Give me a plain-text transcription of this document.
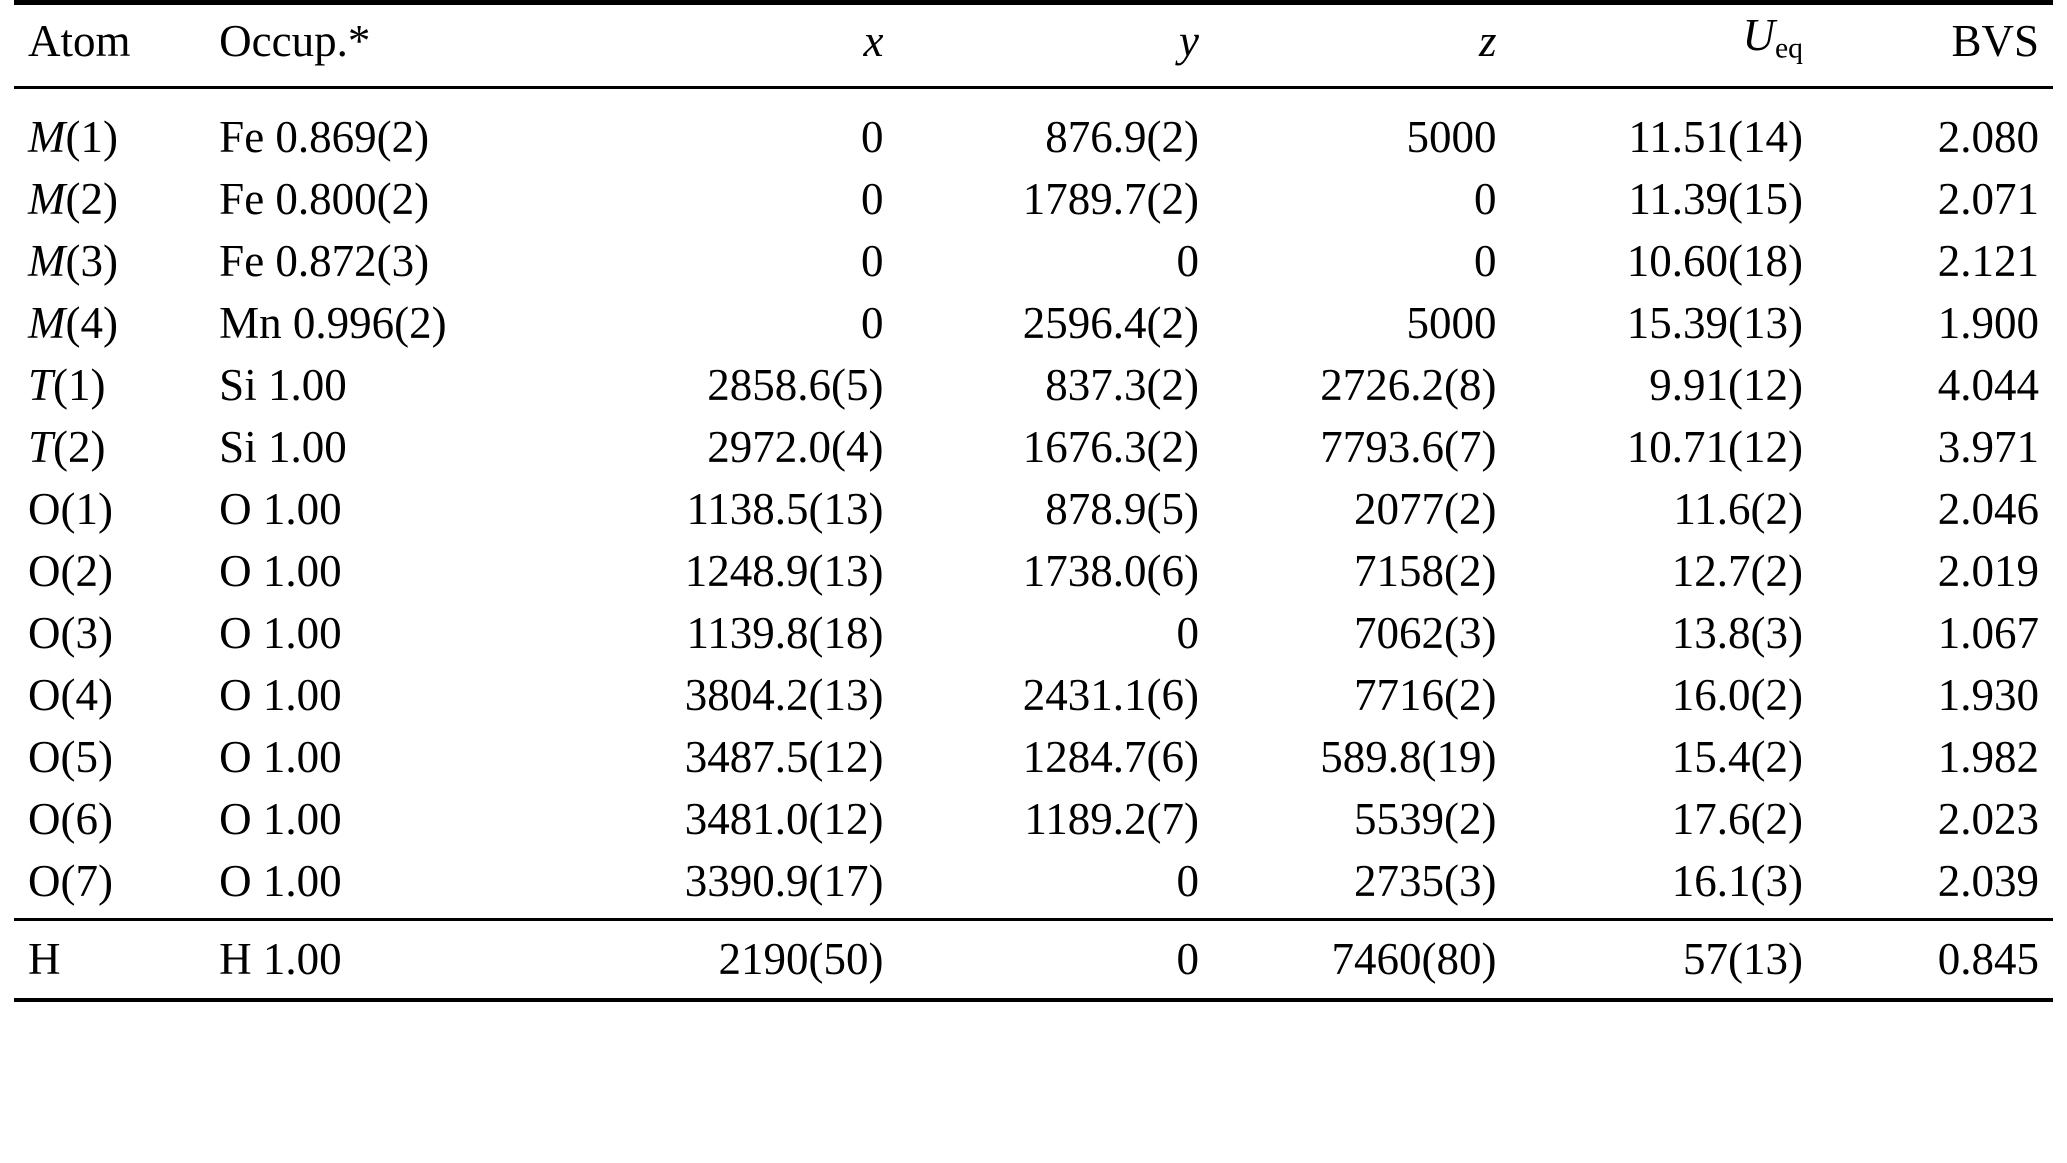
Atom	Occup.*	x	y	z	$U_{eq}$	BVS
M(1)	Fe 0.869(2)	0	876.9(2)	5000	11.51(14)	2.080
M(2)	Fe 0.800(2)	0	1789.7(2)	0	11.39(15)	2.071
M(3)	Fe 0.872(3)	0	0	0	10.60(18)	2.121
M(4)	Mn 0.996(2)	0	2596.4(2)	5000	15.39(13)	1.900
T(1)	Si 1.00	2858.6(5)	837.3(2)	2726.2(8)	9.91(12)	4.044
T(2)	Si 1.00	2972.0(4)	1676.3(2)	7793.6(7)	10.71(12)	3.971
O(1)	O 1.00	1138.5(13)	878.9(5)	2077(2)	11.6(2)	2.046
O(2)	O 1.00	1248.9(13)	1738.0(6)	7158(2)	12.7(2)	2.019
O(3)	O 1.00	1139.8(18)	0	7062(3)	13.8(3)	1.067
O(4)	O 1.00	3804.2(13)	2431.1(6)	7716(2)	16.0(2)	1.930
O(5)	O 1.00	3487.5(12)	1284.7(6)	589.8(19)	15.4(2)	1.982
O(6)	O 1.00	3481.0(12)	1189.2(7)	5539(2)	17.6(2)	2.023
O(7)	O 1.00	3390.9(17)	0	2735(3)	16.1(3)	2.039
H	H 1.00	2190(50)	0	7460(80)	57(13)	0.845
